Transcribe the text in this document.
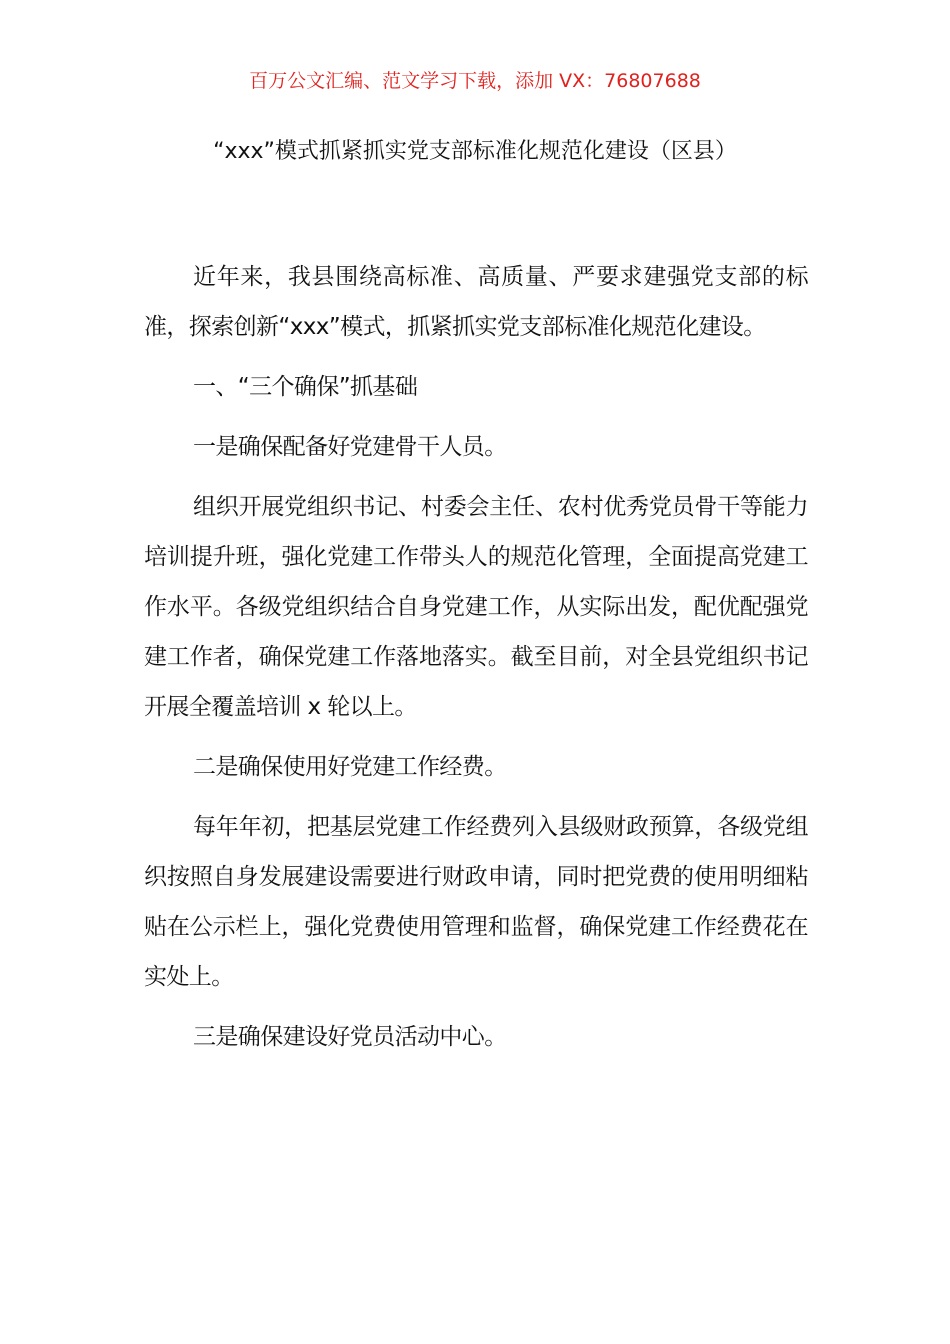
百万公文汇编、范文学习下载，添加 VX：76807688
“xxx”模式抓紧抓实党支部标准化规范化建设（区县）

近年来，我县围绕高标准、高质量、严要求建强党支部的标准，探索创新“xxx”模式，抓紧抓实党支部标准化规范化建设。

一、“三个确保”抓基础

一是确保配备好党建骨干人员。

组织开展党组织书记、村委会主任、农村优秀党员骨干等能力培训提升班，强化党建工作带头人的规范化管理，全面提高党建工作水平。各级党组织结合自身党建工作，从实际出发，配优配强党建工作者，确保党建工作落地落实。截至目前，对全县党组织书记开展全覆盖培训 x 轮以上。

二是确保使用好党建工作经费。

每年年初，把基层党建工作经费列入县级财政预算，各级党组织按照自身发展建设需要进行财政申请，同时把党费的使用明细粘贴在公示栏上，强化党费使用管理和监督，确保党建工作经费花在实处上。

三是确保建设好党员活动中心。
